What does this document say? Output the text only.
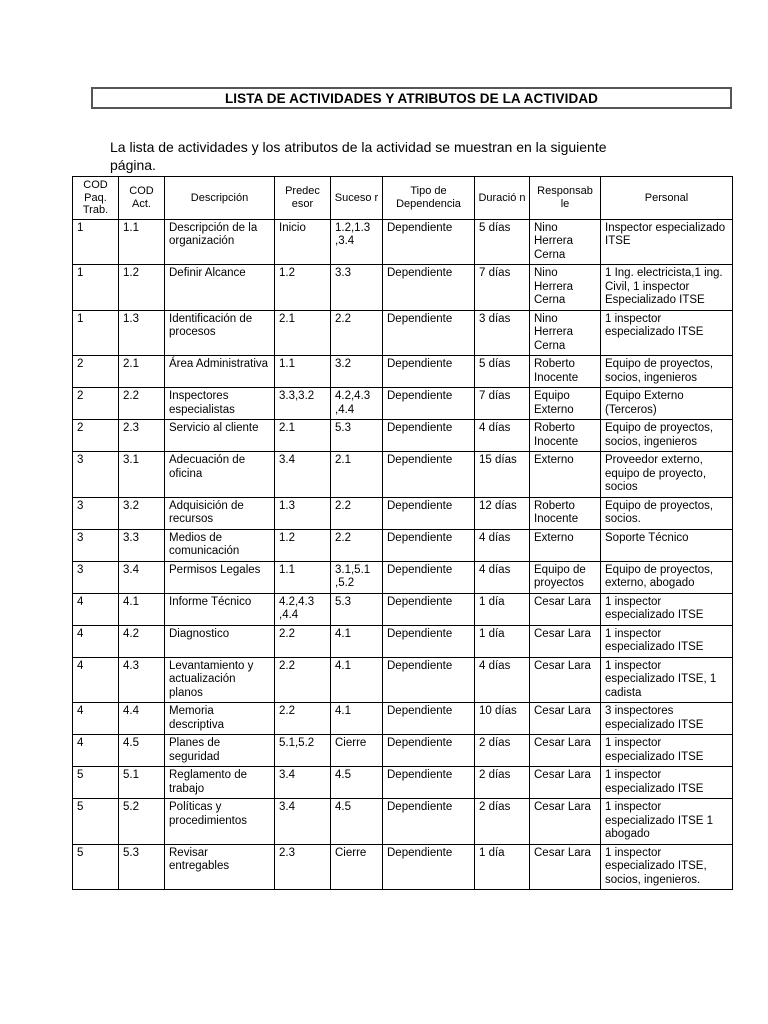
LISTA DE ACTIVIDADES Y ATRIBUTOS DE LA ACTIVIDAD

La lista de actividades y los atributos de la actividad se muestran en la siguiente página.

COD Paq. Trab.	COD Act.	Descripción	Predec esor	Suceso r	Tipo de Dependencia	Duració n	Responsab le	Personal
1	1.1	Descripción de la organización	Inicio	1.2,1.3 ,3.4	Dependiente	5 días	Nino Herrera Cerna	Inspector especializado ITSE
1	1.2	Definir Alcance	1.2	3.3	Dependiente	7 días	Nino Herrera Cerna	1 Ing. electricista,1 ing. Civil, 1 inspector Especializado ITSE
1	1.3	Identificación de procesos	2.1	2.2	Dependiente	3 días	Nino Herrera Cerna	1 inspector especializado ITSE
2	2.1	Área Administrativa	1.1	3.2	Dependiente	5 días	Roberto Inocente	Equipo de proyectos, socios, ingenieros
2	2.2	Inspectores especialistas	3.3,3.2	4.2,4.3 ,4.4	Dependiente	7 días	Equipo Externo	Equipo Externo (Terceros)
2	2.3	Servicio al cliente	2.1	5.3	Dependiente	4 días	Roberto Inocente	Equipo de proyectos, socios, ingenieros
3	3.1	Adecuación de oficina	3.4	2.1	Dependiente	15 días	Externo	Proveedor externo, equipo de proyecto, socios
3	3.2	Adquisición de recursos	1.3	2.2	Dependiente	12 días	Roberto Inocente	Equipo de proyectos, socios.
3	3.3	Medios de comunicación	1.2	2.2	Dependiente	4 días	Externo	Soporte Técnico
3	3.4	Permisos Legales	1.1	3.1,5.1 ,5.2	Dependiente	4 días	Equipo de proyectos	Equipo de proyectos, externo, abogado
4	4.1	Informe Técnico	4.2,4.3 ,4.4	5.3	Dependiente	1 día	Cesar Lara	1 inspector especializado ITSE
4	4.2	Diagnostico	2.2	4.1	Dependiente	1 día	Cesar Lara	1 inspector especializado ITSE
4	4.3	Levantamiento y actualización planos	2.2	4.1	Dependiente	4 días	Cesar Lara	1 inspector especializado ITSE, 1 cadista
4	4.4	Memoria descriptiva	2.2	4.1	Dependiente	10 días	Cesar Lara	3 inspectores especializado ITSE
4	4.5	Planes de seguridad	5.1,5.2	Cierre	Dependiente	2 días	Cesar Lara	1 inspector especializado ITSE
5	5.1	Reglamento de trabajo	3.4	4.5	Dependiente	2 días	Cesar Lara	1 inspector especializado ITSE
5	5.2	Políticas y procedimientos	3.4	4.5	Dependiente	2 días	Cesar Lara	1 inspector especializado ITSE 1 abogado
5	5.3	Revisar entregables	2.3	Cierre	Dependiente	1 día	Cesar Lara	1 inspector especializado ITSE, socios, ingenieros.
